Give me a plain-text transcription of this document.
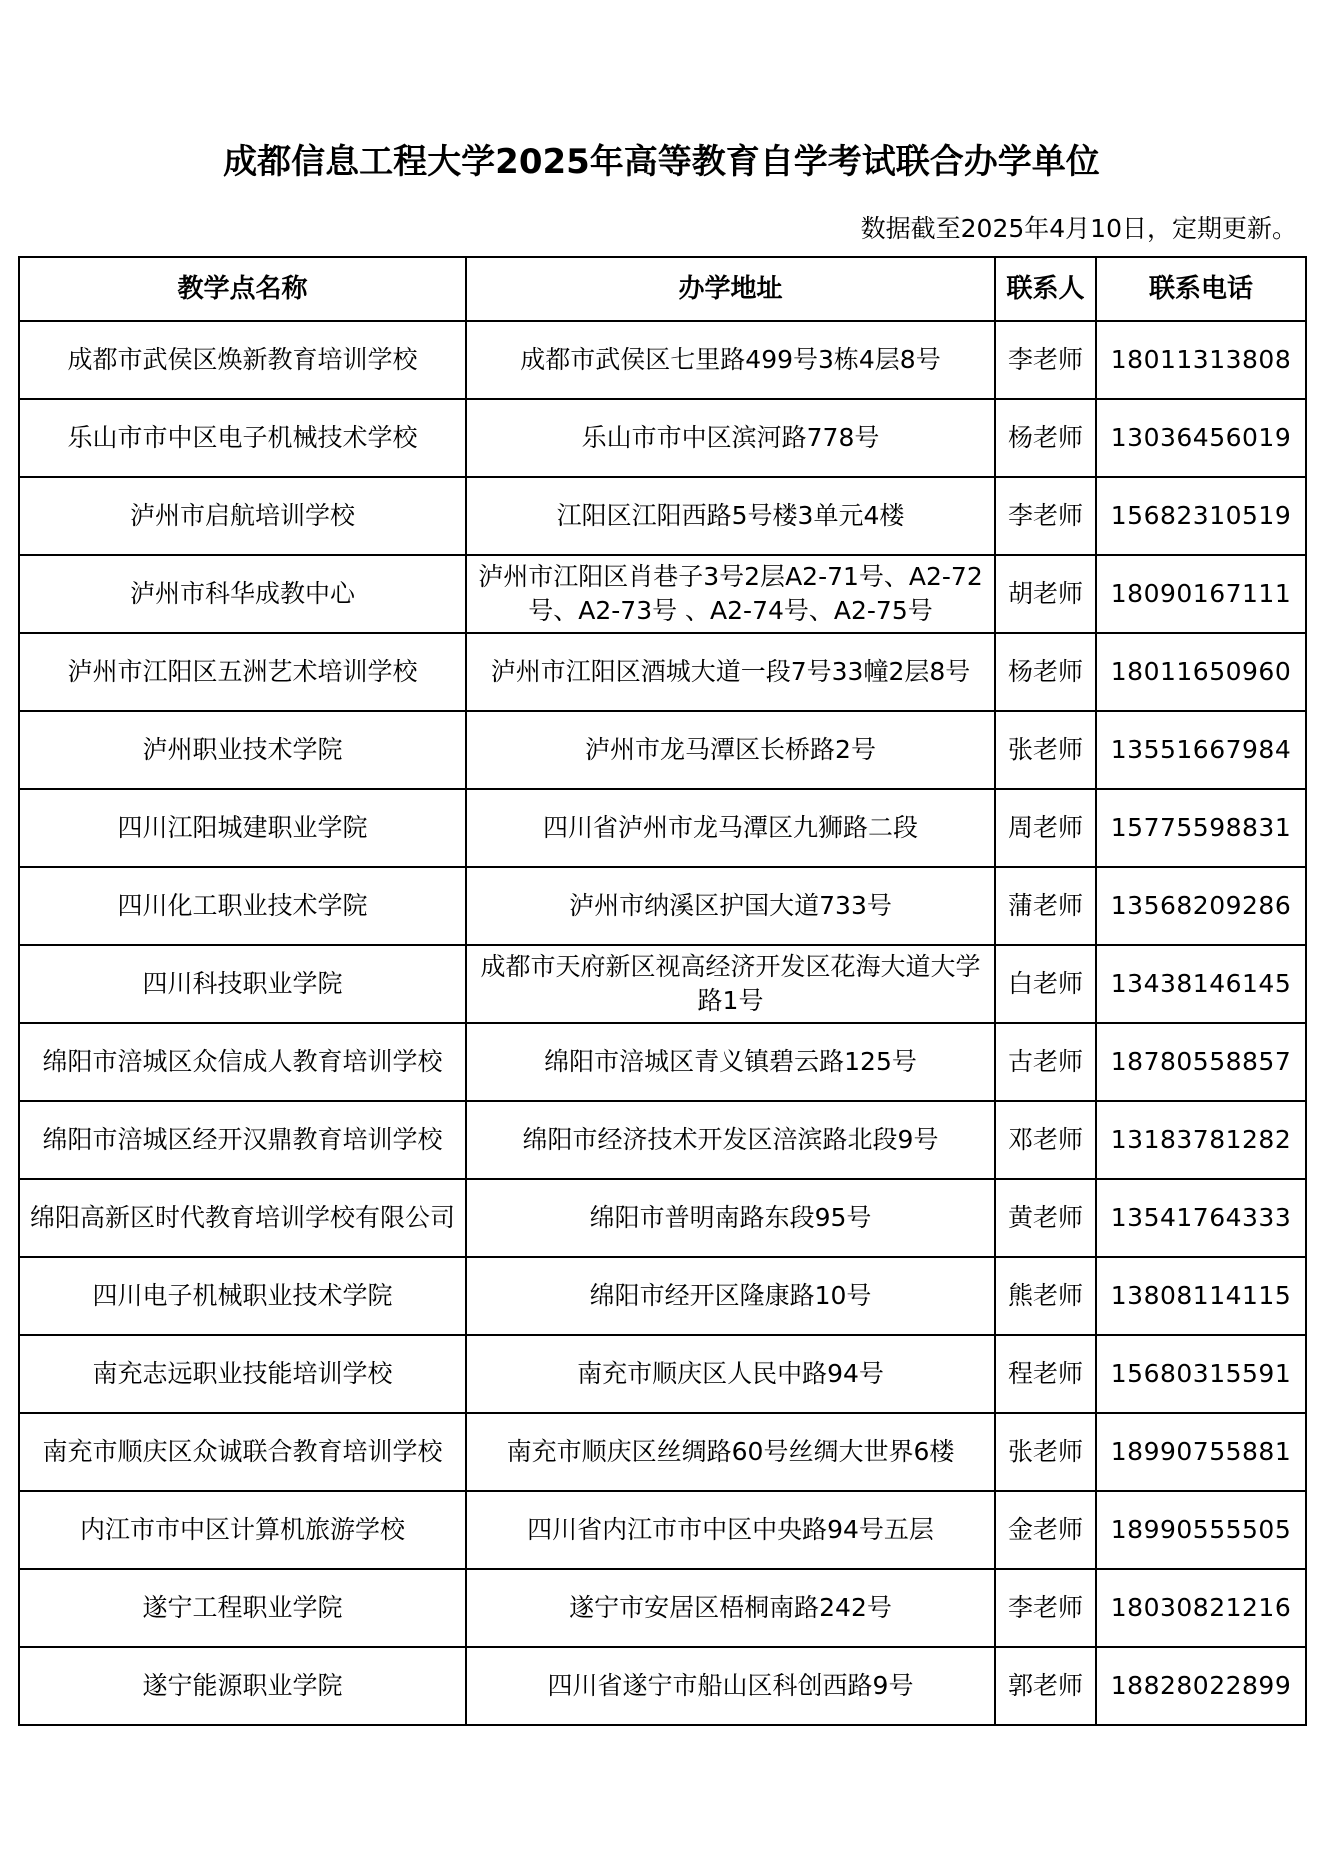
成都信息工程大学2025年高等教育自学考试联合办学单位
数据截至2025年4月10日，定期更新。
教学点名称	办学地址	联系人	联系电话
成都市武侯区焕新教育培训学校	成都市武侯区七里路499号3栋4层8号	李老师	18011313808
乐山市市中区电子机械技术学校	乐山市市中区滨河路778号	杨老师	13036456019
泸州市启航培训学校	江阳区江阳西路5号楼3单元4楼	李老师	15682310519
泸州市科华成教中心	泸州市江阳区肖巷子3号2层A2-71号、A2-72号、A2-73号 、A2-74号、A2-75号	胡老师	18090167111
泸州市江阳区五洲艺术培训学校	泸州市江阳区酒城大道一段7号33幢2层8号	杨老师	18011650960
泸州职业技术学院	泸州市龙马潭区长桥路2号	张老师	13551667984
四川江阳城建职业学院	四川省泸州市龙马潭区九狮路二段	周老师	15775598831
四川化工职业技术学院	泸州市纳溪区护国大道733号	蒲老师	13568209286
四川科技职业学院	成都市天府新区视高经济开发区花海大道大学路1号	白老师	13438146145
绵阳市涪城区众信成人教育培训学校	绵阳市涪城区青义镇碧云路125号	古老师	18780558857
绵阳市涪城区经开汉鼎教育培训学校	绵阳市经济技术开发区涪滨路北段9号	邓老师	13183781282
绵阳高新区时代教育培训学校有限公司	绵阳市普明南路东段95号	黄老师	13541764333
四川电子机械职业技术学院	绵阳市经开区隆康路10号	熊老师	13808114115
南充志远职业技能培训学校	南充市顺庆区人民中路94号	程老师	15680315591
南充市顺庆区众诚联合教育培训学校	南充市顺庆区丝绸路60号丝绸大世界6楼	张老师	18990755881
内江市市中区计算机旅游学校	四川省内江市市中区中央路94号五层	金老师	18990555505
遂宁工程职业学院	遂宁市安居区梧桐南路242号	李老师	18030821216
遂宁能源职业学院	四川省遂宁市船山区科创西路9号	郭老师	18828022899
